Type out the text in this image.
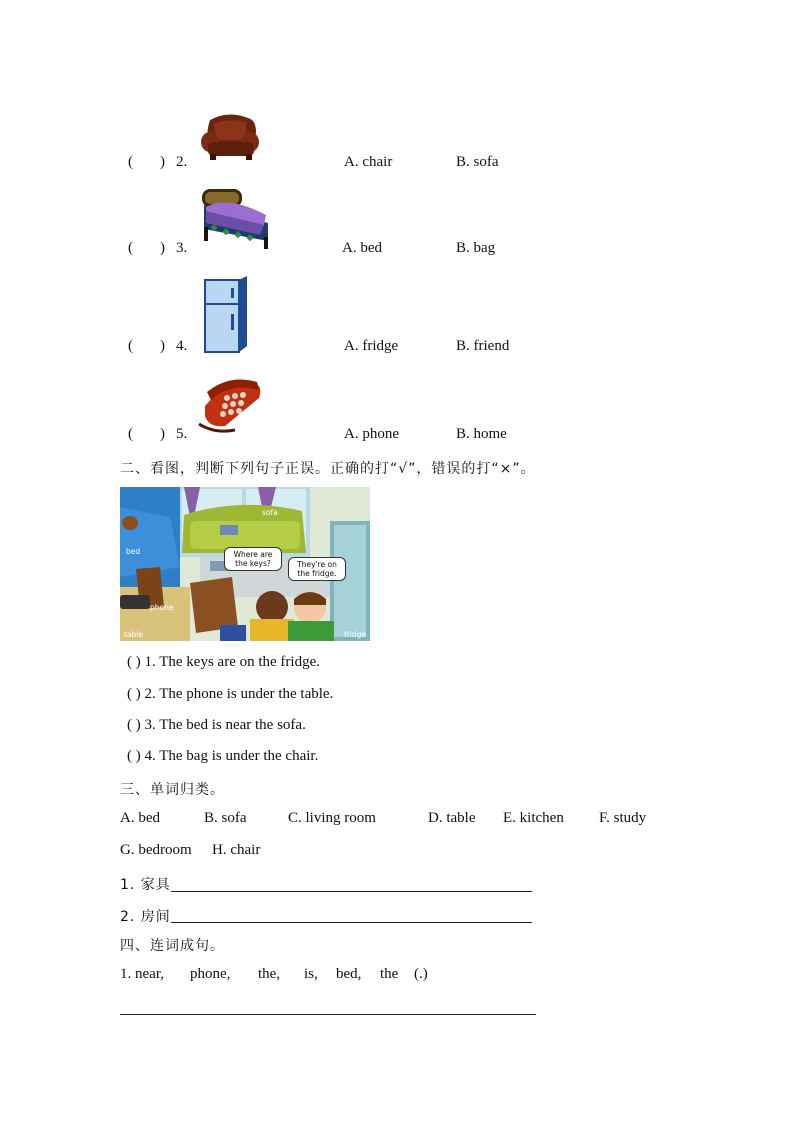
( ) 2.	A. chair	B. sofa
( ) 3.	A. bed	B. bag
( ) 4.	A. fridge	B. friend
( ) 5.	A. phone	B. home
二、看图，判断下列句子正误。正确的打“√”，错误的打“×”。
sofa
bed
phone
table	fridge
Where are the keys?	They're on the fridge.
( ) 1. The keys are on the fridge.
( ) 2. The phone is under the table.
( ) 3. The bed is near the sofa.
( ) 4. The bag is under the chair.
三、单词归类。
A. bed	B. sofa	C. living room	D. table E. kitchen F. study
G. bedroom H. chair
1. 家具
2. 房间
四、连词成句。
1. near, phone, the, is, bed, the (.)
